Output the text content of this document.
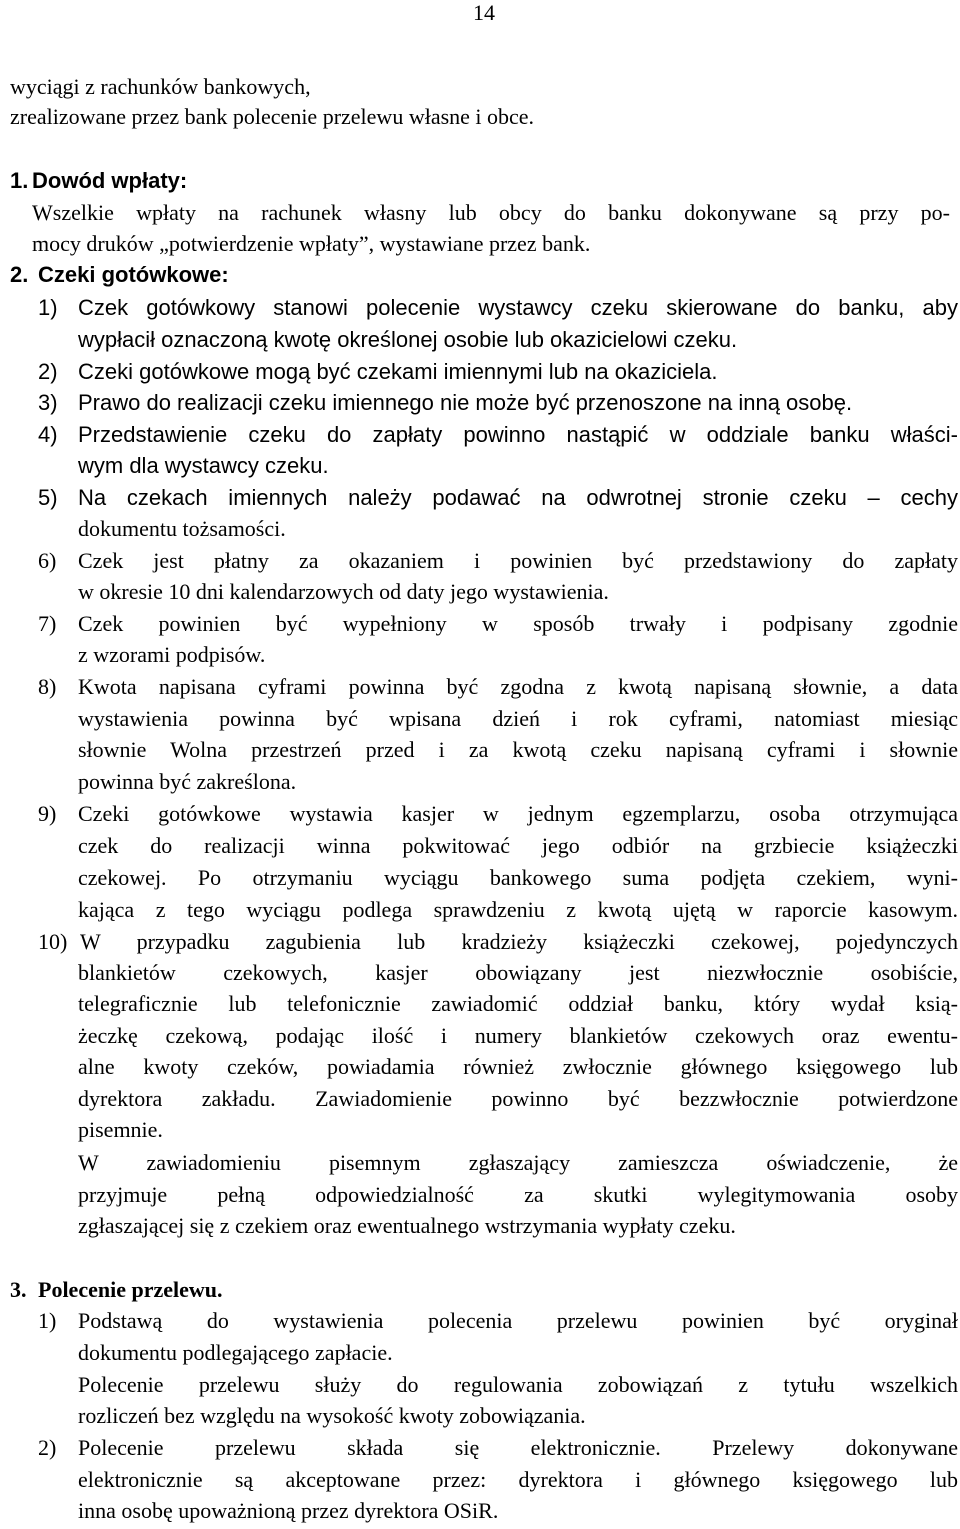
14
wyciągi z rachunków bankowych,
zrealizowane przez bank polecenie przelewu własne i obce.
1. Dowód wpłaty:
Wszelkie wpłaty na rachunek własny lub obcy do banku dokonywane są przy po-
mocy druków „potwierdzenie wpłaty”, wystawiane przez bank.
2. Czeki gotówkowe:
1) Czek gotówkowy stanowi polecenie wystawcy czeku skierowane do banku, aby
wypłacił oznaczoną kwotę określonej osobie lub okazicielowi czeku.
2) Czeki gotówkowe mogą być czekami imiennymi lub na okaziciela.
3) Prawo do realizacji czeku imiennego nie może być przenoszone na inną osobę.
4) Przedstawienie czeku do zapłaty powinno nastąpić w oddziale banku właści-
wym dla wystawcy czeku.
5) Na czekach imiennych należy podawać na odwrotnej stronie czeku – cechy
dokumentu tożsamości.
6) Czek jest płatny za okazaniem i powinien być przedstawiony do zapłaty
w okresie 10 dni kalendarzowych od daty jego wystawienia.
7) Czek powinien być wypełniony w sposób trwały i podpisany zgodnie
z wzorami podpisów.
8) Kwota napisana cyframi powinna być zgodna z kwotą napisaną słownie, a data
wystawienia powinna być wpisana dzień i rok cyframi, natomiast miesiąc
słownie Wolna przestrzeń przed i za kwotą czeku napisaną cyframi i słownie
powinna być zakreślona.
9) Czeki gotówkowe wystawia kasjer w jednym egzemplarzu, osoba otrzymująca
czek do realizacji winna pokwitować jego odbiór na grzbiecie książeczki
czekowej. Po otrzymaniu wyciągu bankowego suma podjęta czekiem, wyni-
kająca z tego wyciągu podlega sprawdzeniu z kwotą ujętą w raporcie kasowym.
10) W przypadku zagubienia lub kradzieży książeczki czekowej, pojedynczych
blankietów czekowych, kasjer obowiązany jest niezwłocznie osobiście,
telegraficznie lub telefonicznie zawiadomić oddział banku, który wydał ksią-
żeczkę czekową, podając ilość i numery blankietów czekowych oraz ewentu-
alne kwoty czeków, powiadamia również zwłocznie głównego księgowego lub
dyrektora zakładu. Zawiadomienie powinno być bezzwłocznie potwierdzone
pisemnie.
W zawiadomieniu pisemnym zgłaszający zamieszcza oświadczenie, że
przyjmuje pełną odpowiedzialność za skutki wylegitymowania osoby
zgłaszającej się z czekiem oraz ewentualnego wstrzymania wypłaty czeku.
3. Polecenie przelewu.
1) Podstawą do wystawienia polecenia przelewu powinien być oryginał
dokumentu podlegającego zapłacie.
Polecenie przelewu służy do regulowania zobowiązań z tytułu wszelkich
rozliczeń bez względu na wysokość kwoty zobowiązania.
2) Polecenie przelewu składa się elektronicznie. Przelewy dokonywane
elektronicznie są akceptowane przez: dyrektora i głównego księgowego lub
inna osobę upoważnioną przez dyrektora OSiR.
